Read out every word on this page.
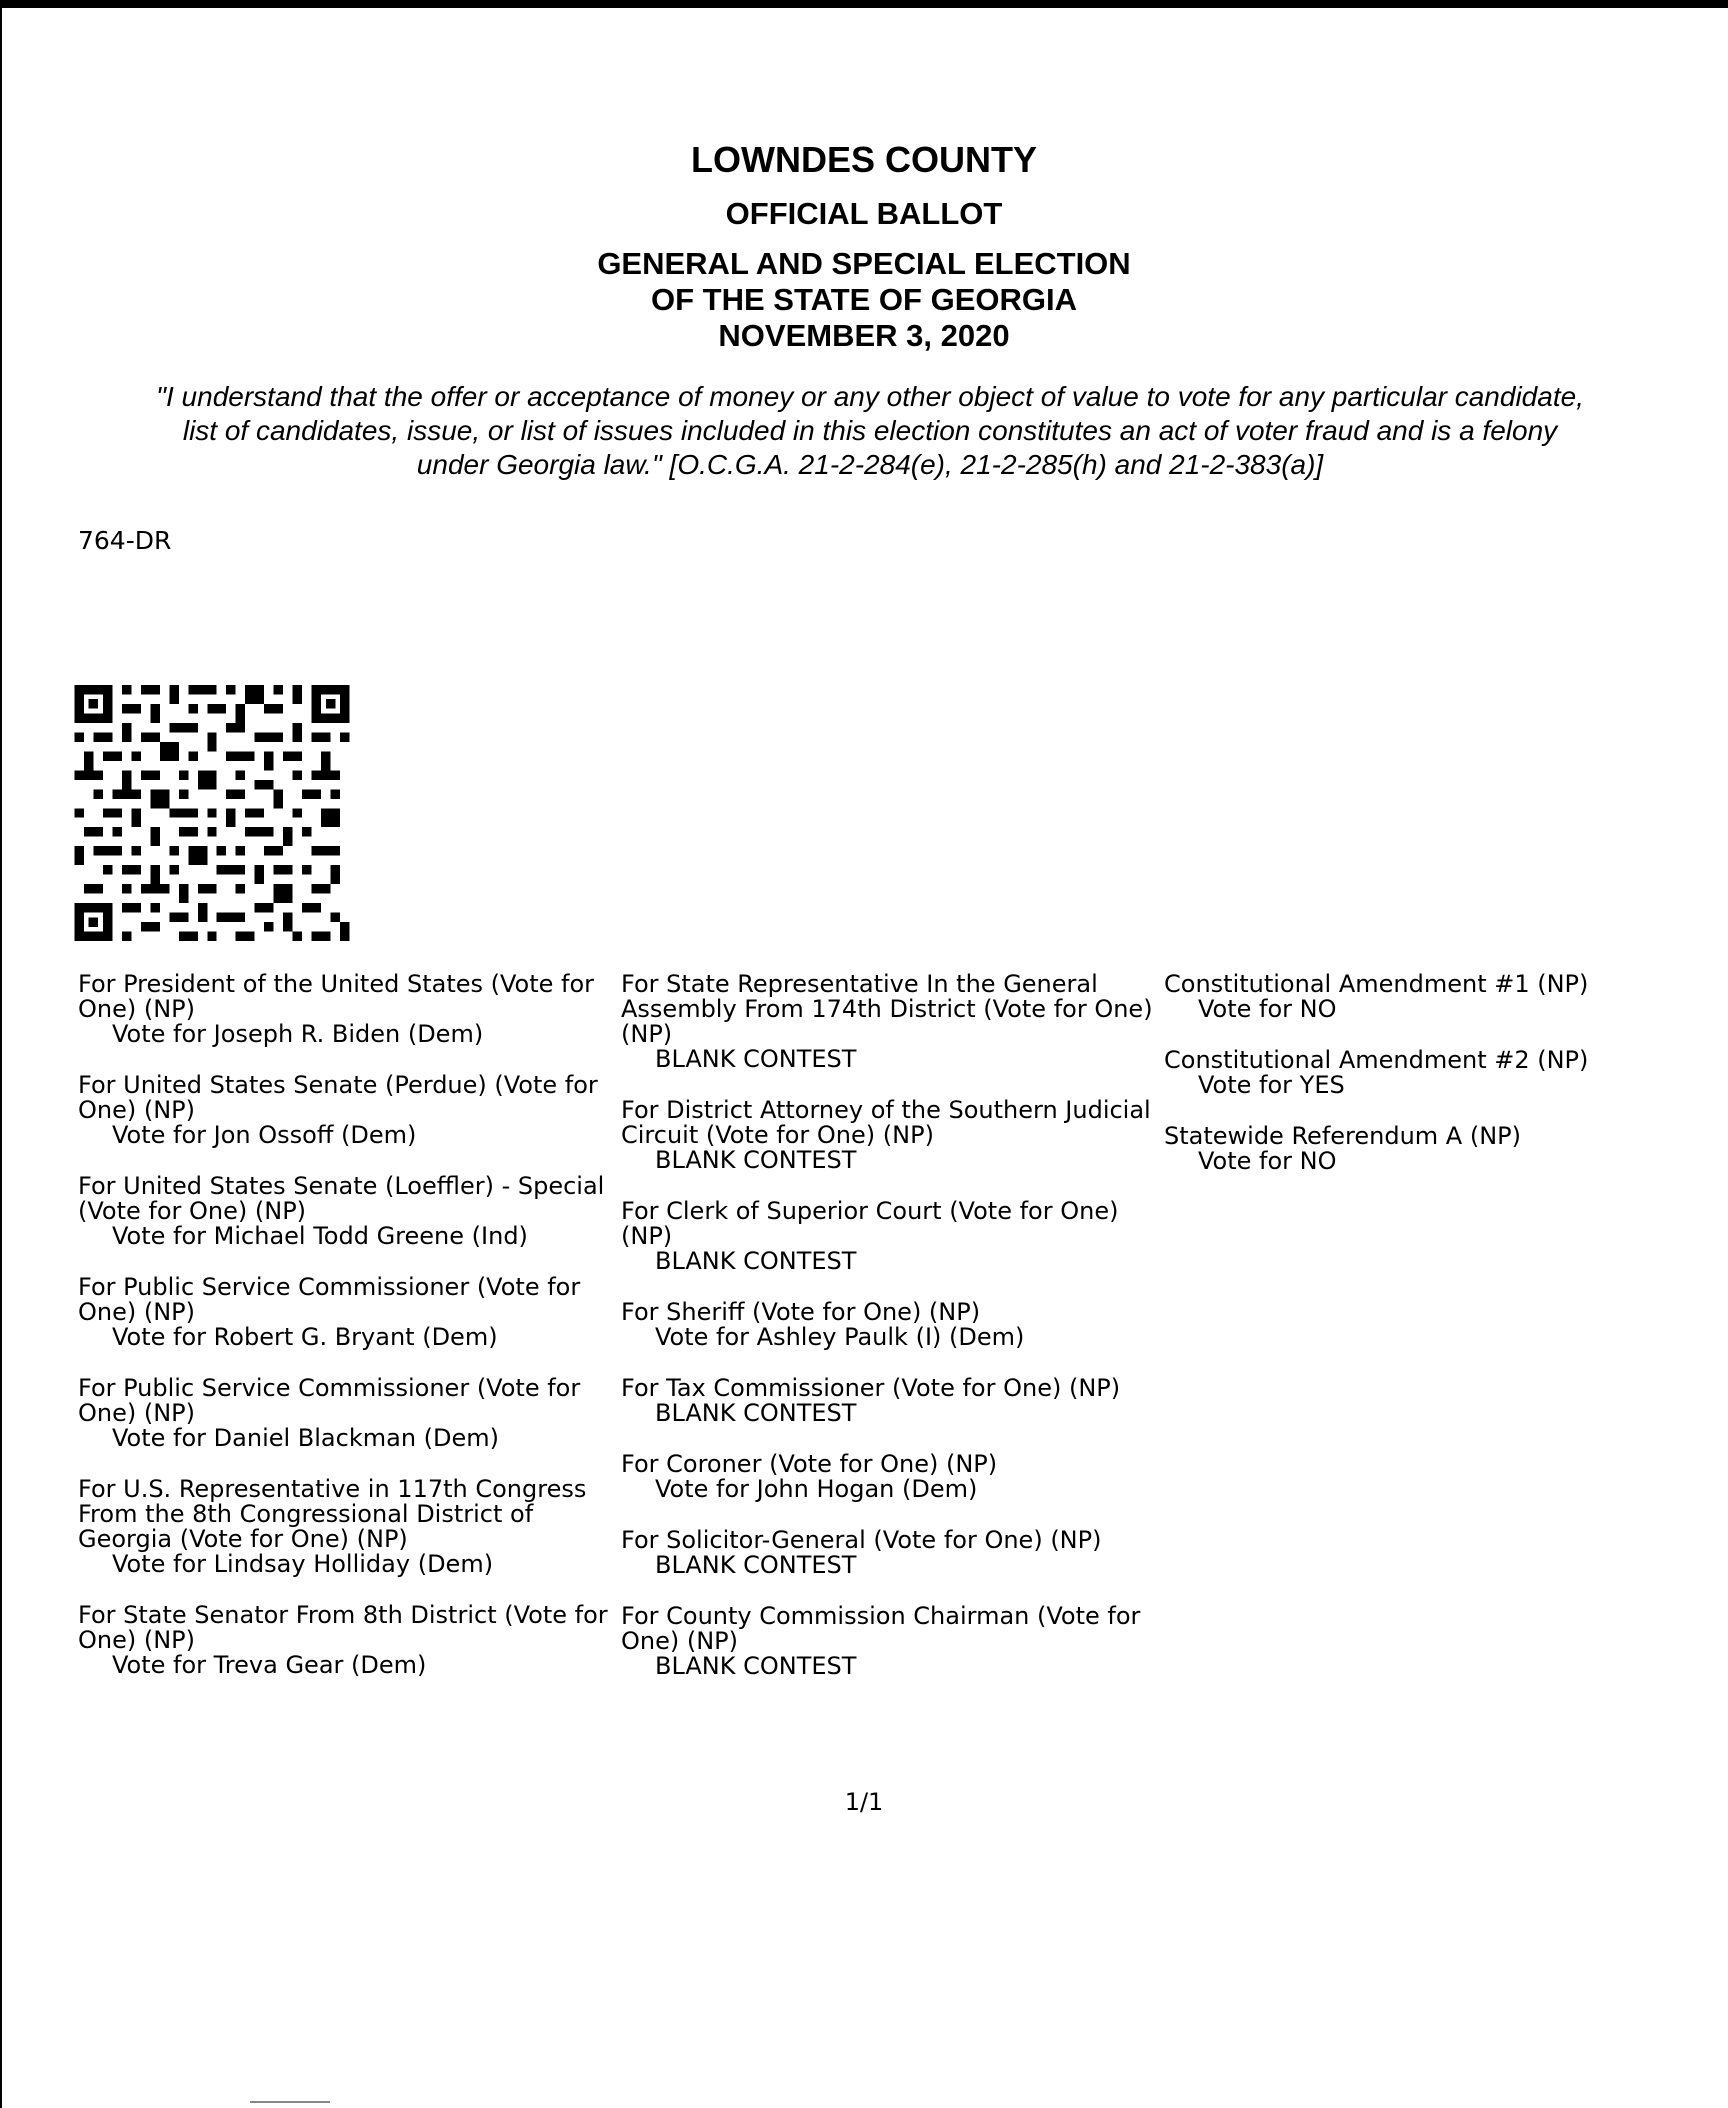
LOWNDES COUNTY
OFFICIAL BALLOT
GENERAL AND SPECIAL ELECTION
OF THE STATE OF GEORGIA
NOVEMBER 3, 2020
"I understand that the offer or acceptance of money or any other object of value to vote for any particular candidate,
list of candidates, issue, or list of issues included in this election constitutes an act of voter fraud and is a felony
under Georgia law." [O.C.G.A. 21-2-284(e), 21-2-285(h) and 21-2-383(a)]
764-DR
For President of the United States (Vote for One) (NP)
Vote for Joseph R. Biden (Dem)
For United States Senate (Perdue) (Vote for One) (NP)
Vote for Jon Ossoff (Dem)
For United States Senate (Loeffler) - Special (Vote for One) (NP)
Vote for Michael Todd Greene (Ind)
For Public Service Commissioner (Vote for One) (NP)
Vote for Robert G. Bryant (Dem)
For Public Service Commissioner (Vote for One) (NP)
Vote for Daniel Blackman (Dem)
For U.S. Representative in 117th Congress From the 8th Congressional District of Georgia (Vote for One) (NP)
Vote for Lindsay Holliday (Dem)
For State Senator From 8th District (Vote for One) (NP)
Vote for Treva Gear (Dem)
For State Representative In the General Assembly From 174th District (Vote for One) (NP)
BLANK CONTEST
For District Attorney of the Southern Judicial Circuit (Vote for One) (NP)
BLANK CONTEST
For Clerk of Superior Court (Vote for One) (NP)
BLANK CONTEST
For Sheriff (Vote for One) (NP)
Vote for Ashley Paulk (I) (Dem)
For Tax Commissioner (Vote for One) (NP)
BLANK CONTEST
For Coroner (Vote for One) (NP)
Vote for John Hogan (Dem)
For Solicitor-General (Vote for One) (NP)
BLANK CONTEST
For County Commission Chairman (Vote for One) (NP)
BLANK CONTEST
Constitutional Amendment #1 (NP)
Vote for NO
Constitutional Amendment #2 (NP)
Vote for YES
Statewide Referendum A (NP)
Vote for NO
1/1
